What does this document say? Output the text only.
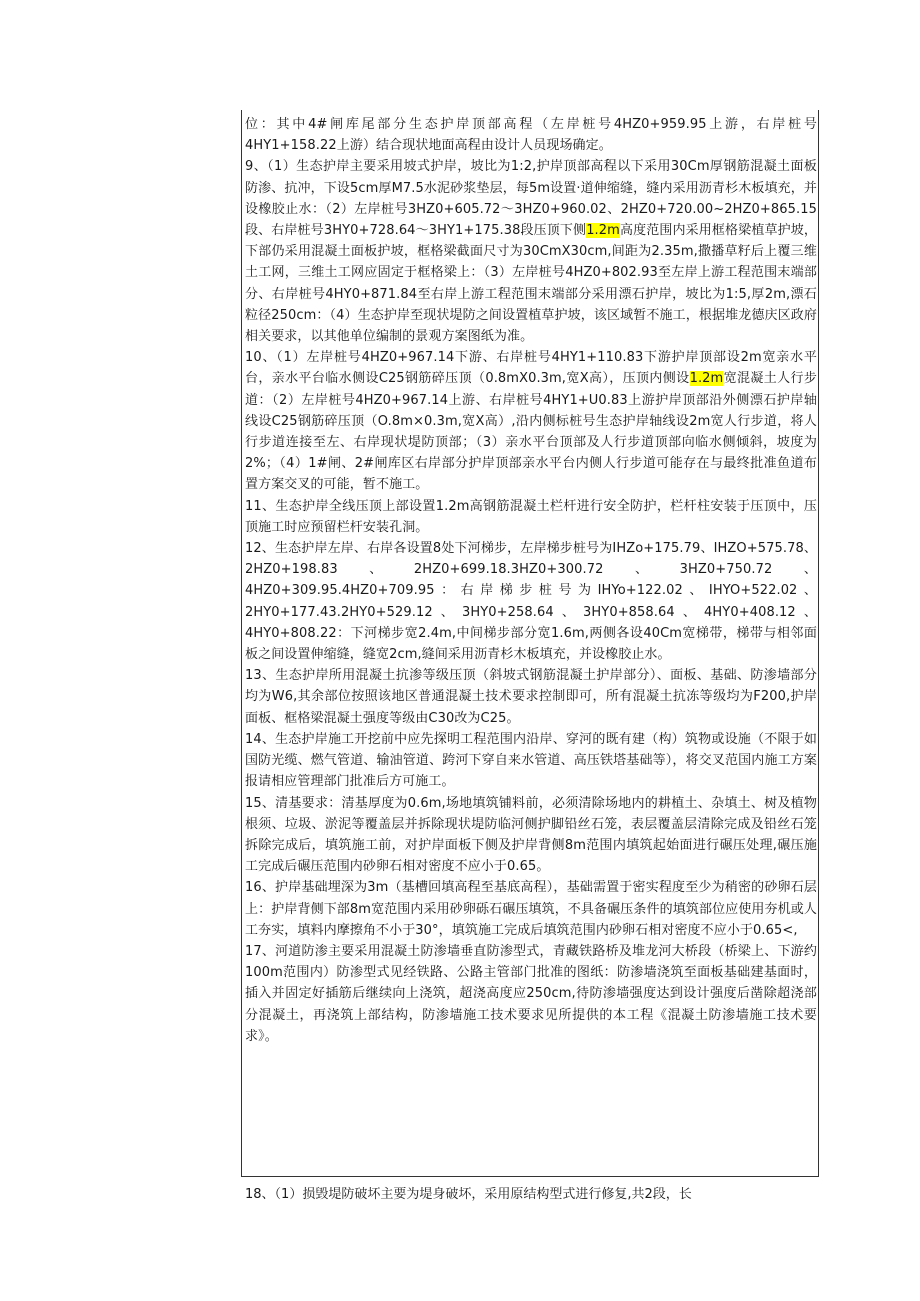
位：其中4#闸库尾部分生态护岸顶部高程（左岸桩号4HZ0+959.95上游，右岸桩号4HY1+158.22上游）结合现状地面高程由设计人员现场确定。

9、（1）生态护岸主要采用坡式护岸，坡比为1:2,护岸顶部高程以下采用30Cm厚钢筋混凝土面板防渗、抗冲，下设5cm厚M7.5水泥砂浆垫层，每5m设置·道伸缩缝，缝内采用沥青杉木板填充，并设橡胶止水：（2）左岸桩号3HZ0+605.72～3HZ0+960.02、2HZ0+720.00~2HZ0+865.15段、右岸桩号3HY0+728.64～3HY1+175.38段压顶下侧1.2m高度范围内采用框格梁植草护坡，下部仍采用混凝土面板护坡，框格梁截面尺寸为30CmX30cm,间距为2.35m,撒播草籽后上覆三维土工网，三维土工网应固定于框格梁上：（3）左岸桩号4HZ0+802.93至左岸上游工程范围末端部分、右岸桩号4HY0+871.84至右岸上游工程范围末端部分采用漂石护岸，坡比为1:5,厚2m,漂石粒径250cm：（4）生态护岸至现状堤防之间设置植草护坡，该区域暂不施工，根据堆龙德庆区政府相关要求，以其他单位编制的景观方案图纸为准。

10、（1）左岸桩号4HZ0+967.14下游、右岸桩号4HY1+110.83下游护岸顶部设2m宽亲水平台，亲水平台临水侧设C25钢筋碎压顶（0.8mX0.3m,宽X高），压顶内侧设1.2m宽混凝土人行步道：（2）左岸桩号4HZ0+967.14上游、右岸桩号4HY1+U0.83上游护岸顶部沿外侧漂石护岸轴线设C25钢筋碎压顶（O.8m×0.3m,宽X高）,沿内侧标桩号生态护岸轴线设2m宽人行步道，将人行步道连接至左、右岸现状堤防顶部；（3）亲水平台顶部及人行步道顶部向临水侧倾斜，坡度为2%；（4）1#闸、2#闸库区右岸部分护岸顶部亲水平台内侧人行步道可能存在与最终批准鱼道布置方案交叉的可能，暂不施工。

11、生态护岸全线压顶上部设置1.2m高钢筋混凝土栏杆进行安全防护，栏杆柱安装于压顶中，压顶施工时应预留栏杆安装孔洞。

12、生态护岸左岸、右岸各设置8处下河梯步，左岸梯步桩号为IHZo+175.79、IHZO+575.78、2HZ0+198.83、2HZ0+699.18.3HZ0+300.72、3HZ0+750.72、4HZ0+309.95.4HZ0+709.95：右岸梯步桩号为IHYo+122.02、IHYO+522.02、2HY0+177.43.2HY0+529.12、3HY0+258.64、3HY0+858.64、4HY0+408.12、4HY0+808.22：下河梯步宽2.4m,中间梯步部分宽1.6m,两侧各设40Cm宽梯带，梯带与相邻面板之间设置伸缩缝，缝宽2cm,缝间采用沥青杉木板填充，并设橡胶止水。

13、生态护岸所用混凝土抗渗等级压顶（斜坡式钢筋混凝土护岸部分）、面板、基础、防渗墙部分均为W6,其余部位按照该地区普通混凝土技术要求控制即可，所有混凝土抗冻等级均为F200,护岸面板、框格梁混凝土强度等级由C30改为C25。

14、生态护岸施工开挖前中应先探明工程范围内沿岸、穿河的既有建（构）筑物或设施（不限于如国防光缆、燃气管道、输油管道、跨河下穿自来水管道、高压铁塔基础等），将交叉范国内施工方案报请相应管理部门批准后方可施工。

15、清基要求：清基厚度为0.6m,场地填筑铺料前，必须清除场地内的耕植土、杂填土、树及植物根须、垃圾、淤泥等覆盖层并拆除现状堤防临河侧护脚铅丝石笼，表层覆盖层清除完成及铅丝石笼拆除完成后，填筑施工前，对护岸面板下侧及护岸背侧8m范围内填筑起始面进行碾压处理,碾压施工完成后碾压范围内砂卵石相对密度不应小于0.65。

16、护岸基础埋深为3m（基槽回填高程至基底高程），基础需置于密实程度至少为稍密的砂卵石层上：护岸背侧下部8m宽范围内采用砂卵砾石碾压填筑，不具备碾压条件的填筑部位应使用夯机或人工夯实，填料内摩擦角不小于30°，填筑施工完成后填筑范围内砂卵石相对密度不应小于0.65<,

17、河道防渗主要采用混凝土防渗墙垂直防渗型式，青藏铁路桥及堆龙河大桥段（桥梁上、下游约100m范围内）防渗型式见经铁路、公路主管部门批准的图纸：防渗墙浇筑至面板基础建基面时，插入并固定好插筋后继续向上浇筑，超浇高度应250cm,待防渗墙强度达到设计强度后凿除超浇部分混凝土，再浇筑上部结构，防渗墙施工技术要求见所提供的本工程《混凝土防渗墙施工技术要求》。

18、（1）损毁堤防破坏主要为堤身破坏，采用原结构型式进行修复,共2段，长
